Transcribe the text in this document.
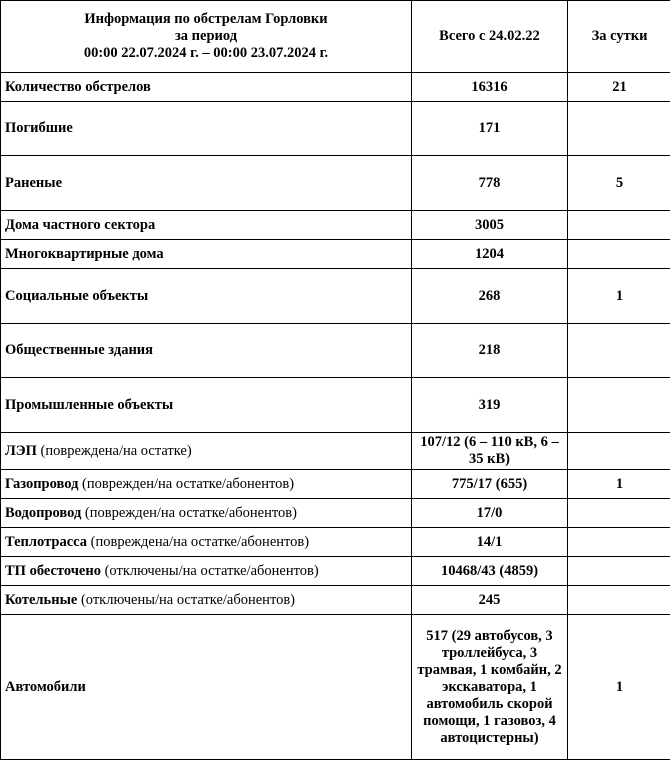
Информация по обстрелам Горловки
за период
00:00 22.07.2024 г. – 00:00 23.07.2024 г.	Всего с 24.02.22	За сутки
Количество обстрелов	16316	21
Погибшие	171	
Раненые	778	5
Дома частного сектора	3005	
Многоквартирные дома	1204	
Социальные объекты	268	1
Общественные здания	218	
Промышленные объекты	319	
ЛЭП (повреждена/на остатке)	107/12 (6 – 110 кВ, 6 – 35 кВ)	
Газопровод (поврежден/на остатке/абонентов)	775/17 (655)	1
Водопровод (поврежден/на остатке/абонентов)	17/0	
Теплотрасса (повреждена/на остатке/абонентов)	14/1	
ТП обесточено (отключены/на остатке/абонентов)	10468/43 (4859)	
Котельные (отключены/на остатке/абонентов)	245	
Автомобили	517 (29 автобусов, 3 троллейбуса, 3 трамвая, 1 комбайн, 2 экскаватора, 1 автомобиль скорой помощи, 1 газовоз, 4 автоцистерны)	1
